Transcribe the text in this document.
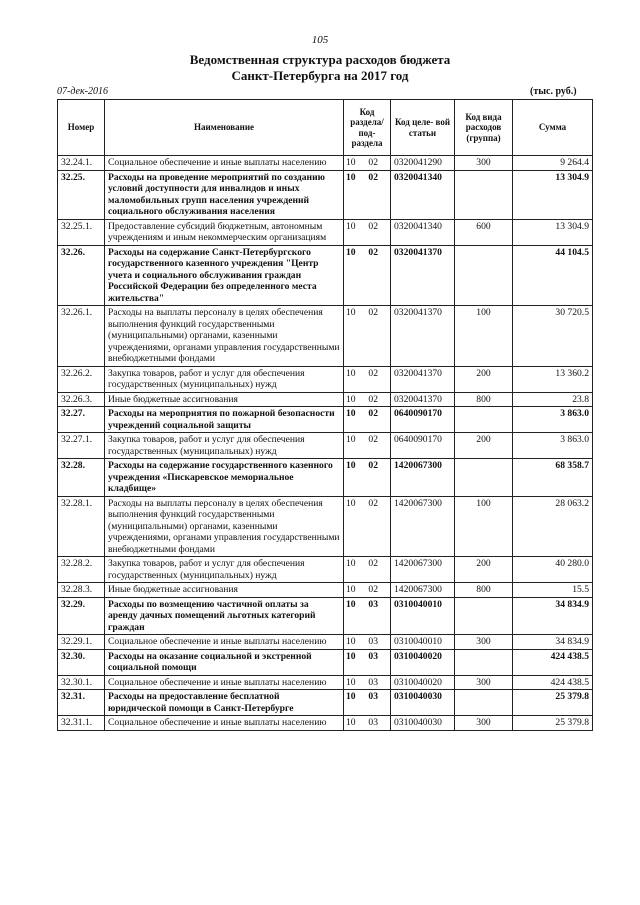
105
Ведомственная структура расходов бюджета
Санкт-Петербурга на 2017 год
07-дек-2016	(тыс. руб.)
Номер	Наименование	Код раздела/ под- раздела	Код целе- вой статьи	Код вида расходов (группа)	Сумма
32.24.1.	Социальное обеспечение и иные выплаты населению	10 02	0320041290	300	9 264.4
32.25.	Расходы на проведение мероприятий по созданию условий доступности для инвалидов и иных маломобильных групп населения учреждений социального обслуживания населения	10 02	0320041340		13 304.9
32.25.1.	Предоставление субсидий бюджетным, автономным учреждениям и иным некоммерческим организациям	10 02	0320041340	600	13 304.9
32.26.	Расходы на содержание Санкт-Петербургского государственного казенного учреждения "Центр учета и социального обслуживания граждан Российской Федерации без определенного места жительства"	10 02	0320041370		44 104.5
32.26.1.	Расходы на выплаты персоналу в целях обеспечения выполнения функций государственными (муниципальными) органами, казенными учреждениями, органами управления государственными внебюджетными фондами	10 02	0320041370	100	30 720.5
32.26.2.	Закупка товаров, работ и услуг для обеспечения государственных (муниципальных) нужд	10 02	0320041370	200	13 360.2
32.26.3.	Иные бюджетные ассигнования	10 02	0320041370	800	23.8
32.27.	Расходы на мероприятия по пожарной безопасности учреждений социальной защиты	10 02	0640090170		3 863.0
32.27.1.	Закупка товаров, работ и услуг для обеспечения государственных (муниципальных) нужд	10 02	0640090170	200	3 863.0
32.28.	Расходы на содержание государственного казенного учреждения «Пискаревское мемориальное кладбище»	10 02	1420067300		68 358.7
32.28.1.	Расходы на выплаты персоналу в целях обеспечения выполнения функций государственными (муниципальными) органами, казенными учреждениями, органами управления государственными внебюджетными фондами	10 02	1420067300	100	28 063.2
32.28.2.	Закупка товаров, работ и услуг для обеспечения государственных (муниципальных) нужд	10 02	1420067300	200	40 280.0
32.28.3.	Иные бюджетные ассигнования	10 02	1420067300	800	15.5
32.29.	Расходы по возмещению частичной оплаты за аренду дачных помещений льготных категорий граждан	10 03	0310040010		34 834.9
32.29.1.	Социальное обеспечение и иные выплаты населению	10 03	0310040010	300	34 834.9
32.30.	Расходы на оказание социальной и экстренной социальной помощи	10 03	0310040020		424 438.5
32.30.1.	Социальное обеспечение и иные выплаты населению	10 03	0310040020	300	424 438.5
32.31.	Расходы на предоставление бесплатной юридической помощи в Санкт-Петербурге	10 03	0310040030		25 379.8
32.31.1.	Социальное обеспечение и иные выплаты населению	10 03	0310040030	300	25 379.8
